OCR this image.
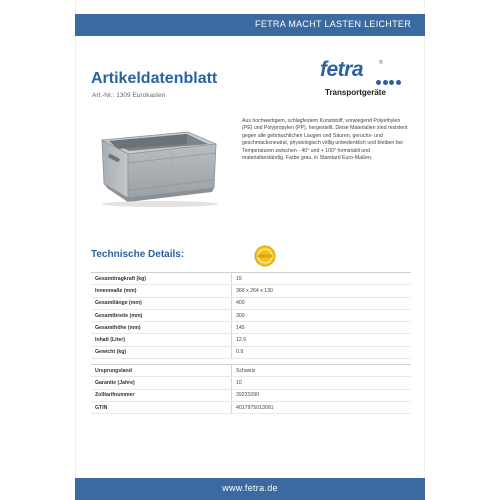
FETRA MACHT LASTEN LEICHTER
Artikeldatenblatt
Art.-Nr.: 1309 Eurokasten
fetra	®
Transportgeräte
Aus hochwertigem, schlagfestem Kunststoff, vorwiegend Polyethylen (PE) und Polypropylen (PP), hergestellt. Diese Materialien sind resistent gegen alle gebräuchlichen Laugen und Säuren, geruchs- und geschmacksneutral, physiologisch völlig unbedenklich und bleiben bei Temperaturen zwischen - 40° und + 100° formstabil und materialbeständig. Farbe grau, in Standard Euro-Maßen.
Technische Details:
Gesamttragkraft (kg)	15
Innenmaße (mm)	366 x 264 x 130
Gesamtlänge (mm)	400
Gesamtbreite (mm)	300
Gesamthöhe (mm)	145
Inhalt (Liter)	12.6
Gewicht (kg)	0.9
Ursprungsland	Schweiz
Garantie (Jahre)	10
Zolltarifnummer	39231090
GTIN	4017975013091
www.fetra.de
